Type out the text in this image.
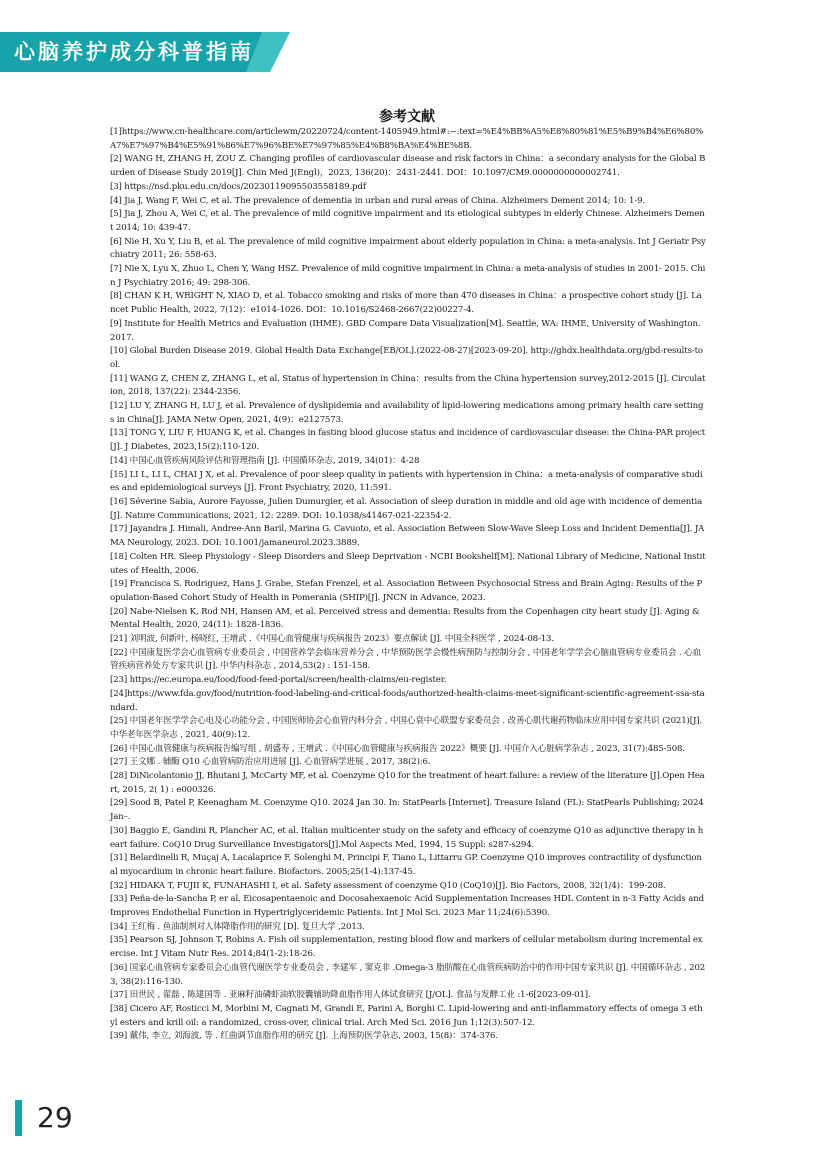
心脑养护成分科普指南
参考文献

[1]https://www.cn-healthcare.com/articlewm/20220724/content-1405949.html#:~:text=%E4%BB%A5%E8%80%81%E5%B9%B4%E6%80%A7%E7%97%B4%E5%91%86%E7%96%BE%E7%97%85%E4%B8%BA%E4%BE%8B.

[2] WANG H, ZHANG H, ZOU Z. Changing profiles of cardiovascular disease and risk factors in China：a secondary analysis for the Global Burden of Disease Study 2019[J]. Chin Med J(Engl)，2023, 136(20)：2431-2441. DOI：10.1097/CM9.0000000000002741.

[3] https://nsd.pku.edu.cn/docs/20230119095503558189.pdf

[4] Jia J, Wang F, Wei C, et al. The prevalence of dementia in urban and rural areas of China. Alzheimers Dement 2014; 10: 1-9.

[5] Jia J, Zhou A, Wei C, et al. The prevalence of mild cognitive impairment and its etiological subtypes in elderly Chinese. Alzheimers Dement 2014; 10: 439-47.

[6] Nie H, Xu Y, Liu B, et al. The prevalence of mild cognitive impairment about elderly population in China: a meta-analysis. Int J Geriatr Psychiatry 2011; 26: 558-63.

[7] Nie X, Lyu X, Zhuo L, Chen Y, Wang HSZ. Prevalence of mild cognitive impairment in China: a meta-analysis of studies in 2001- 2015. Chin J Psychiatry 2016; 49: 298-306.

[8] CHAN K H, WRIGHT N, XIAO D, et al. Tobacco smoking and risks of more than 470 diseases in China：a prospective cohort study [J]. Lancet Public Health, 2022, 7(12)：e1014-1026. DOI：10.1016/S2468-2667(22)00227-4.

[9] Institute for Health Metrics and Evaluation (IHME). GBD Compare Data Visualization[M]. Seattle, WA: IHME, University of Washington. 2017.

[10] Global Burden Disease 2019. Global Health Data Exchange[EB/OL].(2022-08-27)[2023-09-20]. http://ghdx.healthdata.org/gbd-results-tool.

[11] WANG Z, CHEN Z, ZHANG L, et al. Status of hypertension in China：results from the China hypertension survey,2012-2015 [J]. Circulation, 2018, 137(22): 2344-2356.

[12] LU Y, ZHANG H, LU J, et al. Prevalence of dyslipidemia and availability of lipid-lowering medications among primary health care settings in China[J]. JAMA Netw Open, 2021, 4(9)：e2127573.

[13] TONG Y, LIU F, HUANG K, et al. Changes in fasting blood glucose status and incidence of cardiovascular disease: the China-PAR project [J]. J Diabetes, 2023,15(2):110-120.

[14] 中国心血管疾病风险评估和管理指南 [J]. 中国循环杂志, 2019, 34(01)：4-28

[15] LI L, LI L, CHAI J X, et al. Prevalence of poor sleep quality in patients with hypertension in China：a meta-analysis of comparative studies and epidemiological surveys [J]. Front Psychiatry, 2020, 11:591.

[16] Séverine Sabia, Aurore Fayosse, Julien Dumurgier, et al. Association of sleep duration in middle and old age with incidence of dementia[J]. Nature Communications, 2021, 12: 2289. DOI: 10.1038/s41467-021-22354-2.

[17] Jayandra J. Himali, Andree-Ann Baril, Marina G. Cavuoto, et al. Association Between Slow-Wave Sleep Loss and Incident Dementia[J]. JAMA Neurology, 2023. DOI: 10.1001/jamaneurol.2023.3889.

[18] Colten HR. Sleep Physiology - Sleep Disorders and Sleep Deprivation - NCBI Bookshelf[M]. National Library of Medicine, National Institutes of Health, 2006.

[19] Francisca S. Rodriguez, Hans J. Grabe, Stefan Frenzel, et al. Association Between Psychosocial Stress and Brain Aging: Results of the Population-Based Cohort Study of Health in Pomerania (SHIP)[J]. JNCN in Advance, 2023.

[20] Nabe-Nielsen K, Rod NH, Hansen AM, et al. Perceived stress and dementia: Results from the Copenhagen city heart study [J]. Aging & Mental Health, 2020, 24(11): 1828-1836.

[21] 刘明波, 何新叶, 杨晓红, 王增武 .《中国心血管健康与疾病报告 2023》要点解读 [J]. 中国全科医学 , 2024-08-13.

[22] 中国康复医学会心血管病专业委员会 , 中国营养学会临床营养分会 , 中华预防医学会慢性病预防与控制分会 , 中国老年学学会心脑血管病专业委员会 . 心血管疾病营养处方专家共识 [J]. 中华内科杂志 , 2014,53(2) : 151-158.

[23] https://ec.europa.eu/food/food-feed-portal/screen/health-claims/eu-register.

[24]https://www.fda.gov/food/nutrition-food-labeling-and-critical-foods/authorized-health-claims-meet-significant-scientific-agreement-ssa-standard.

[25] 中国老年医学学会心电及心功能分会 , 中国医师协会心血管内科分会 , 中国心衰中心联盟专家委员会 . 改善心肌代谢药物临床应用中国专家共识 (2021)[J]. 中华老年医学杂志 , 2021, 40(9):12.

[26] 中国心血管健康与疾病报告编写组 , 胡盛寿 , 王增武 .《中国心血管健康与疾病报告 2022》概要 [J]. 中国介入心脏病学杂志 , 2023, 31(7):485-508.

[27] 王文娜 . 辅酶 Q10 心血管病防治应用进展 [J]. 心血管病学进展 , 2017, 38(2):6.

[28] DiNicolantonio JJ, Bhutani J, McCarty MF, et al. Coenzyme Q10 for the treatment of heart failure: a review of the literature [J].Open Heart, 2015, 2( 1) : e000326.

[29] Sood B, Patel P, Keenagham M. Coenzyme Q10. 2024 Jan 30. In: StatPearls [Internet]. Treasure Island (FL): StatPearls Publishing; 2024 Jan–.

[30] Baggio E, Gandini R, Plancher AC, et al. Italian multicenter study on the safety and efficacy of coenzyme Q10 as adjunctive therapy in heart failure. CoQ10 Drug Surveillance Investigators[J].Mol Aspects Med, 1994, 15 Suppl: s287-s294.

[31] Belardinelli R, Muçaj A, Lacalaprice F, Solenghi M, Principi F, Tiano L, Littarru GP. Coenzyme Q10 improves contractility of dysfunctional myocardium in chronic heart failure. Biofactors. 2005;25(1-4):137-45.

[32] HIDAKA T, FUJII K, FUNAHASHI I, et al. Safety assessment of coenzyme Q10 (CoQ10)[J]. Bio Factors, 2008, 32(1/4)：199-208.

[33] Peña-de-la-Sancha P, er al. Eicosapentaenoic and Docosahexaenoic Acid Supplementation Increases HDL Content in n-3 Fatty Acids and Improves Endothelial Function in Hypertriglyceridemic Patients. Int J Mol Sci. 2023 Mar 11;24(6):5390.

[34] 王红梅 . 鱼油制剂对人体降脂作用的研究 [D]. 复旦大学 ,2013.

[35] Pearson SJ, Johnson T, Robins A. Fish oil supplementation, resting blood flow and markers of cellular metabolism during incremental exercise. Int J Vitam Nutr Res. 2014;84(1-2):18-26.

[36] 国家心血管病专家委员会心血管代谢医学专业委员会 , 李建军 , 窦克非 .Omega-3 脂肪酸在心血管疾病防治中的作用中国专家共识 [J]. 中国循环杂志 , 2023, 38(2):116-130.

[37] 田世民 , 翟磊 , 陈建国等 . 亚麻籽油磷虾油软胶囊辅助降血脂作用人体试食研究 [J/OL]. 食品与发酵工业 :1-6[2023-09-01].

[38] Cicero AF, Rosticci M, Morbini M, Cagnati M, Grandi E, Parini A, Borghi C. Lipid-lowering and anti-inflammatory effects of omega 3 ethyl esters and krill oil: a randomized, cross-over, clinical trial. Arch Med Sci. 2016 Jun 1;12(3):507-12.

[39] 戴伟, 李立, 刘海波, 等 . 红曲调节血脂作用的研究 [J]. 上海预防医学杂志, 2003, 15(8)：374-376.

29
